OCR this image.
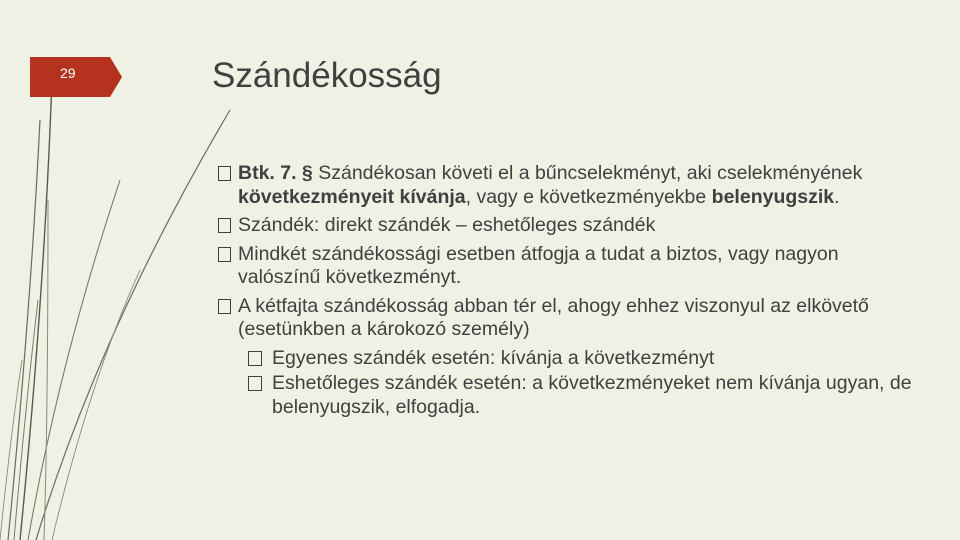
29	Szándékosság
Btk. 7. § Szándékosan követi el a bűncselekményt, aki cselekményének következményeit kívánja, vagy e következményekbe belenyugszik.
Szándék: direkt szándék – eshetőleges szándék
Mindkét szándékossági esetben átfogja a tudat a biztos, vagy nagyon valószínű következményt.
A kétfajta szándékosság abban tér el, ahogy ehhez viszonyul az elkövető (esetünkben a károkozó személy)
Egyenes szándék esetén: kívánja a következményt
Eshetőleges szándék esetén: a következményeket nem kívánja ugyan, de belenyugszik, elfogadja.
